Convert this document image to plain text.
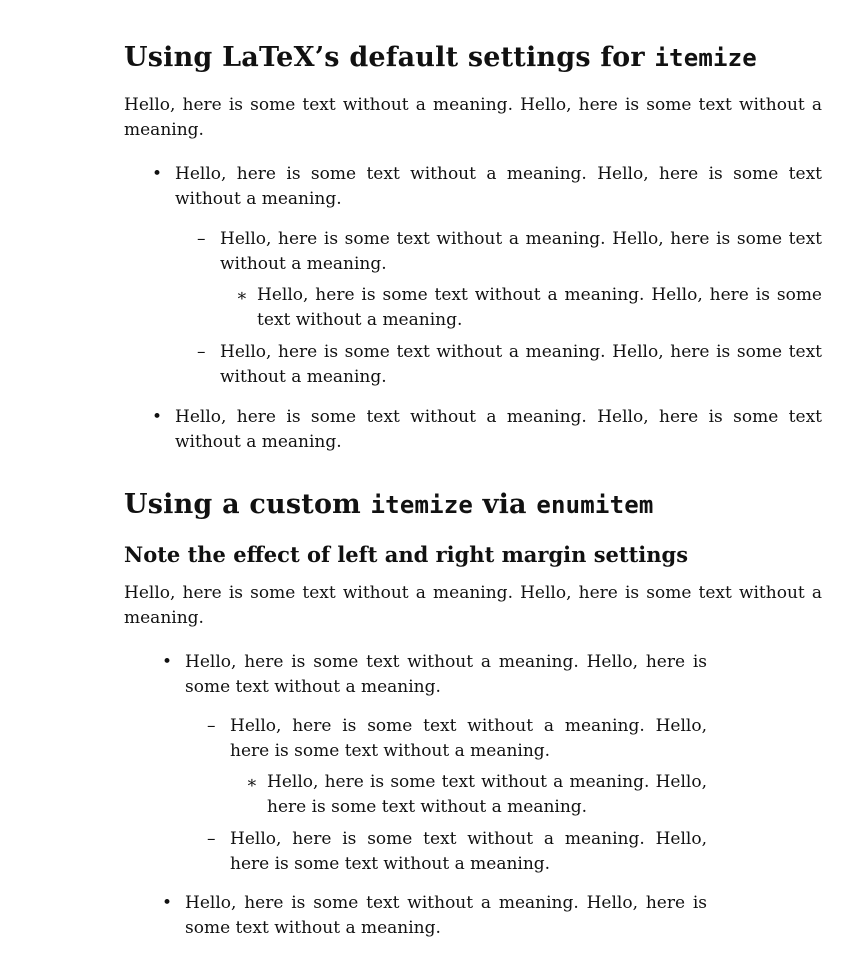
Using LaTeX’s default settings for itemize

Hello, here is some text without a meaning. Hello, here is some text without a meaning.

• Hello, here is some text without a meaning. Hello, here is some text without a meaning.

– Hello, here is some text without a meaning. Hello, here is some text without a meaning.

∗ Hello, here is some text without a meaning. Hello, here is some text without a meaning.

– Hello, here is some text without a meaning. Hello, here is some text without a meaning.

• Hello, here is some text without a meaning. Hello, here is some text without a meaning.

Using a custom itemize via enumitem
Note the effect of left and right margin settings

Hello, here is some text without a meaning. Hello, here is some text without a meaning.

• Hello, here is some text without a meaning. Hello, here is some text without a meaning.

– Hello, here is some text without a meaning. Hello, here is some text without a meaning.

∗ Hello, here is some text without a meaning. Hello, here is some text without a meaning.

– Hello, here is some text without a meaning. Hello, here is some text without a meaning.

• Hello, here is some text without a meaning. Hello, here is some text without a meaning.
